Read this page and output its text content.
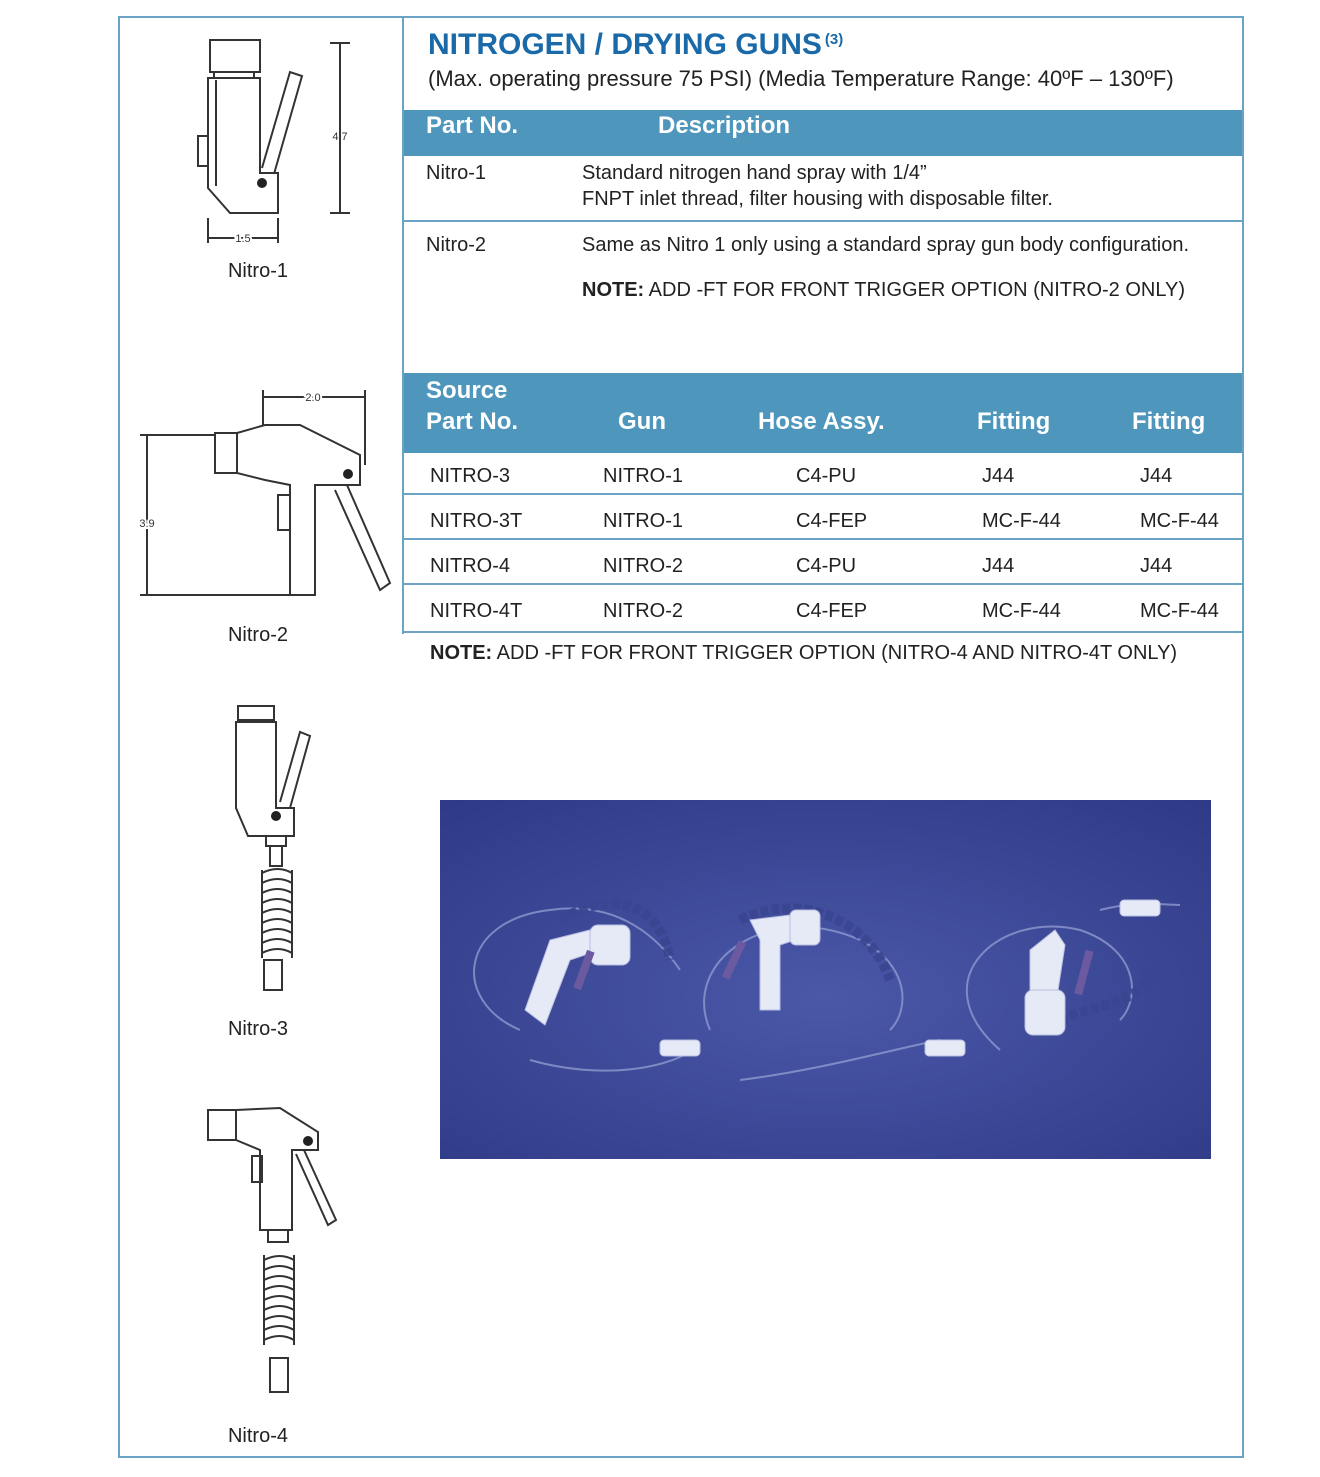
NITROGEN / DRYING GUNS $^{(3)}$
(Max. operating pressure 75 PSI) (Media Temperature Range: 40ºF – 130ºF)
Part No.	Description
Nitro-1	Standard nitrogen hand spray with 1/4”
FNPT inlet thread, filter housing with disposable filter.
Nitro-2	Same as Nitro 1 only using a standard spray gun body configuration.
NOTE: ADD -FT FOR FRONT TRIGGER OPTION (NITRO-2 ONLY)
Source
Part No.	Gun	Hose Assy.	Fitting	Fitting
NITRO-3	NITRO-1	C4-PU	J44	J44
NITRO-3T	NITRO-1	C4-FEP	MC-F-44	MC-F-44
NITRO-4	NITRO-2	C4-PU	J44	J44
NITRO-4T	NITRO-2	C4-FEP	MC-F-44	MC-F-44
NOTE: ADD -FT FOR FRONT TRIGGER OPTION (NITRO-4 AND NITRO-4T ONLY)
4.7
1.5
Nitro-1
2.0
3.9
Nitro-2
Nitro-3
Nitro-4
